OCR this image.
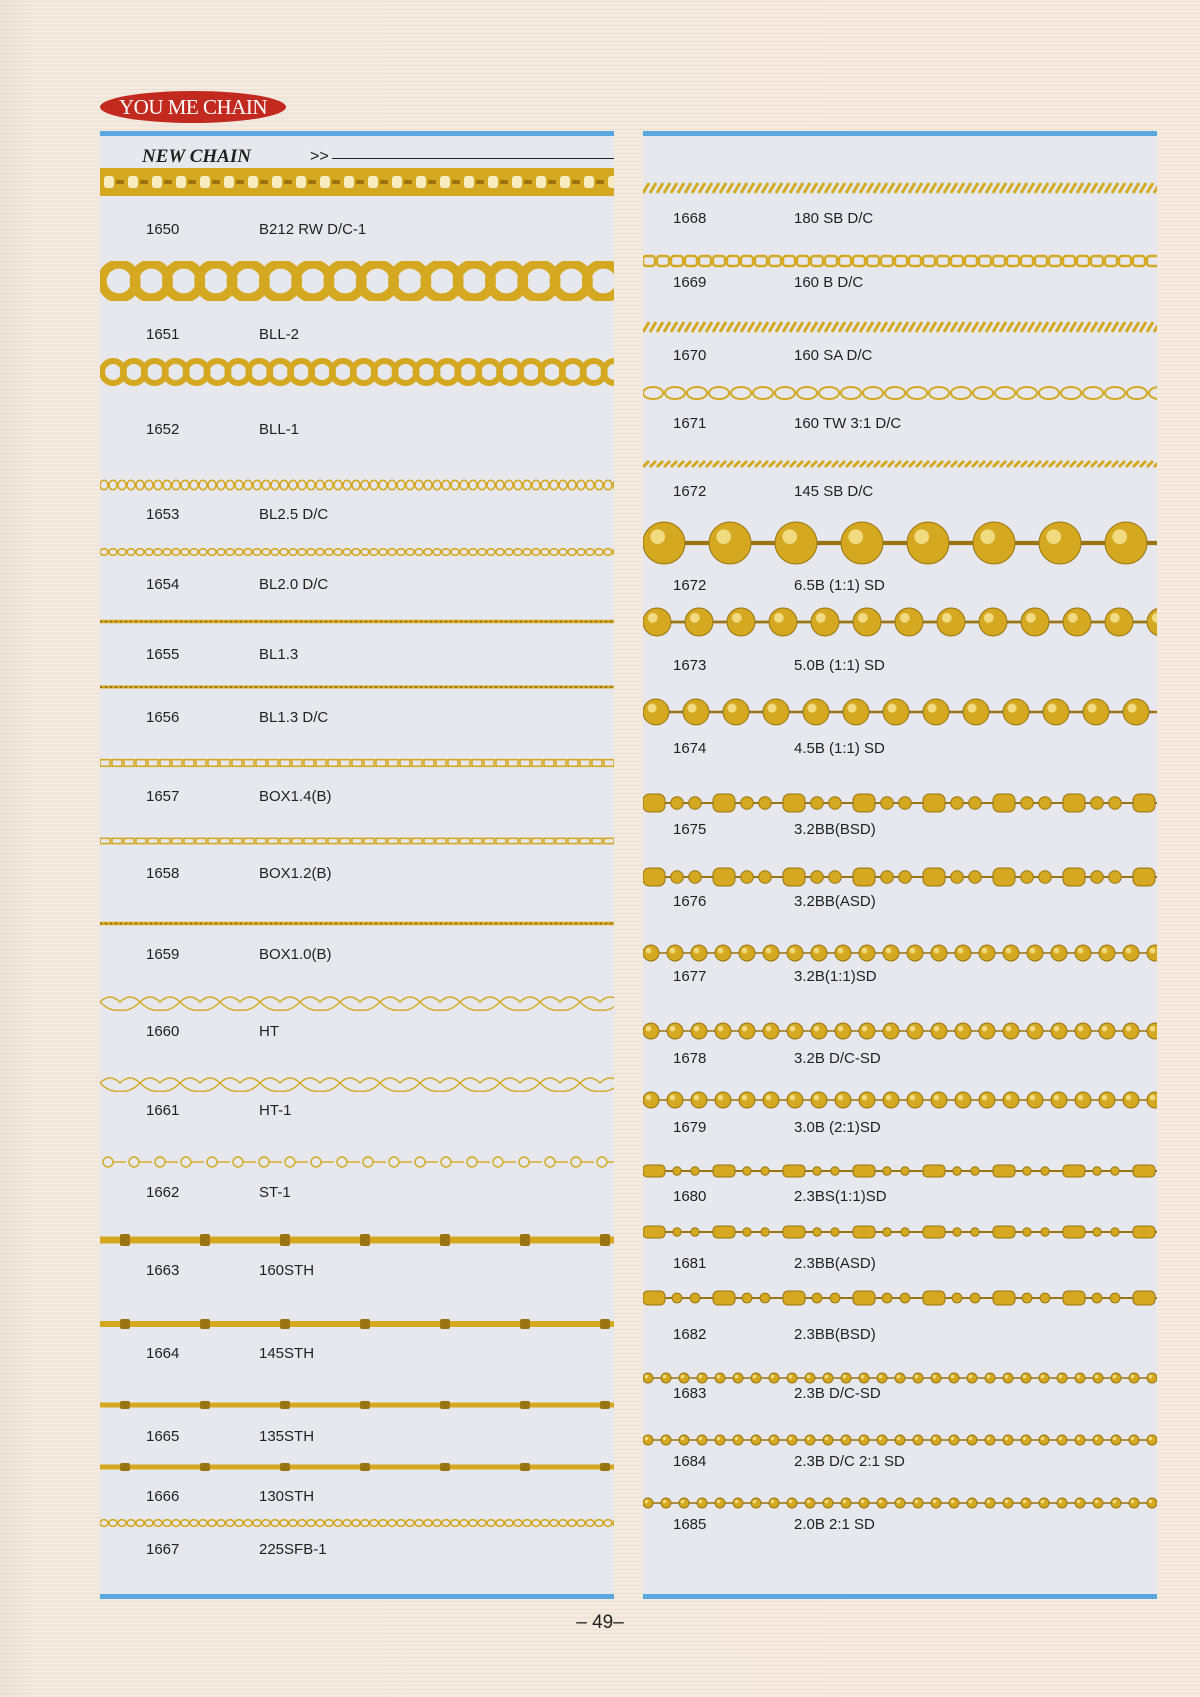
YOU ME CHAIN
NEW CHAIN	>>
1650	B212 RW D/C-1
1651	BLL-2
1652	BLL-1
1653	BL2.5 D/C
1654	BL2.0 D/C
1655	BL1.3
1656	BL1.3 D/C
1657	BOX1.4(B)
1658	BOX1.2(B)
1659	BOX1.0(B)
1660	HT
1661	HT-1
1662	ST-1
1663	160STH
1664	145STH
1665	135STH
1666	130STH
1667	225SFB-1
1668	180 SB D/C
1669	160 B D/C
1670	160 SA D/C
1671	160 TW 3:1 D/C
1672	145 SB D/C
1672	6.5B (1:1) SD
1673	5.0B (1:1) SD
1674	4.5B (1:1) SD
1675	3.2BB(BSD)
1676	3.2BB(ASD)
1677	3.2B(1:1)SD
1678	3.2B D/C-SD
1679	3.0B (2:1)SD
1680	2.3BS(1:1)SD
1681	2.3BB(ASD)
1682	2.3BB(BSD)
1683	2.3B D/C-SD
1684	2.3B D/C 2:1 SD
1685	2.0B 2:1 SD
– 49–
